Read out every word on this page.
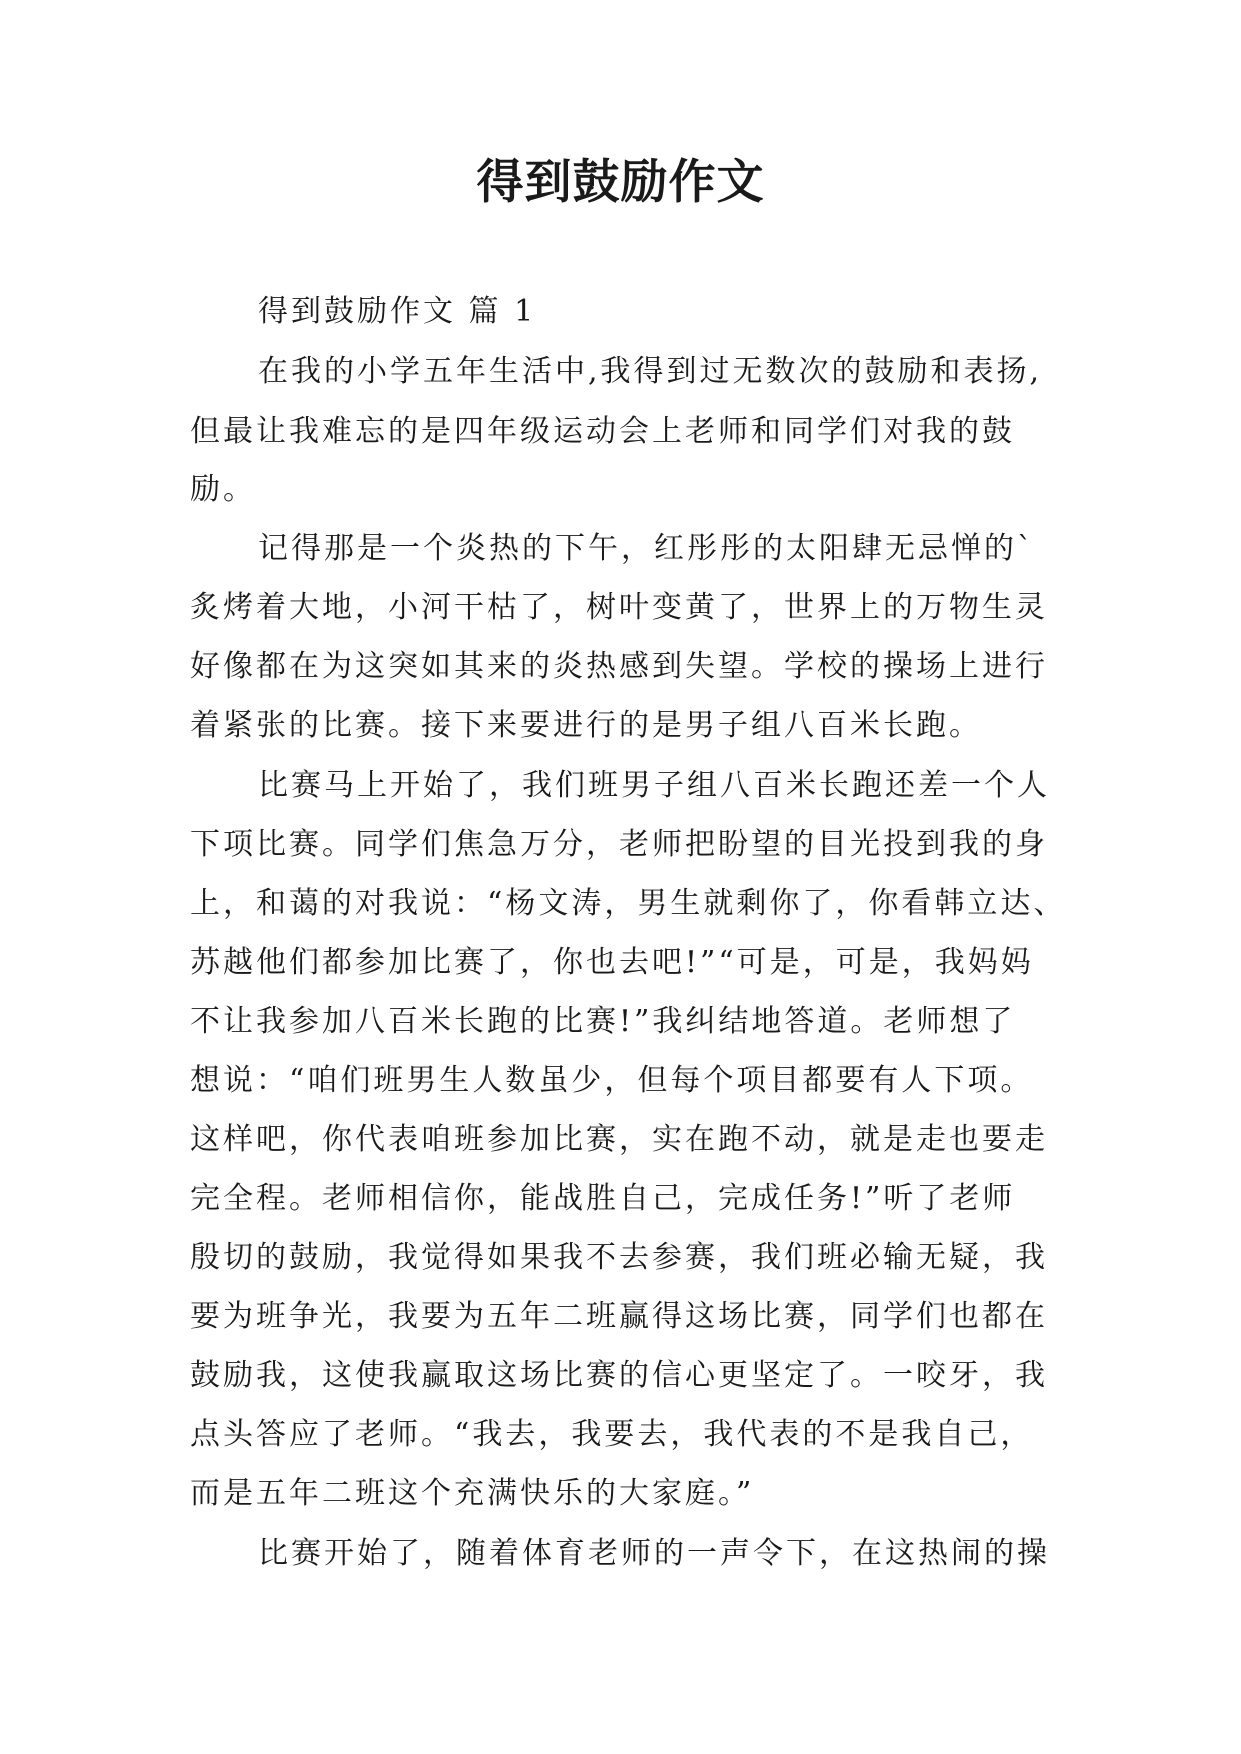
得到鼓励作文

得到鼓励作文 篇 1

在我的小学五年生活中,我得到过无数次的鼓励和表扬,

但最让我难忘的是四年级运动会上老师和同学们对我的鼓

励。

记得那是一个炎热的下午，红彤彤的太阳肆无忌惮的`

炙烤着大地，小河干枯了，树叶变黄了，世界上的万物生灵

好像都在为这突如其来的炎热感到失望。学校的操场上进行

着紧张的比赛。接下来要进行的是男子组八百米长跑。

比赛马上开始了，我们班男子组八百米长跑还差一个人

下项比赛。同学们焦急万分，老师把盼望的目光投到我的身

上，和蔼的对我说：“杨文涛，男生就剩你了，你看韩立达、

苏越他们都参加比赛了，你也去吧!”“可是，可是，我妈妈

不让我参加八百米长跑的比赛!”我纠结地答道。老师想了

想说：“咱们班男生人数虽少，但每个项目都要有人下项。

这样吧，你代表咱班参加比赛，实在跑不动，就是走也要走

完全程。老师相信你，能战胜自己，完成任务!”听了老师

殷切的鼓励，我觉得如果我不去参赛，我们班必输无疑，我

要为班争光，我要为五年二班赢得这场比赛，同学们也都在

鼓励我，这使我赢取这场比赛的信心更坚定了。一咬牙，我

点头答应了老师。“我去，我要去，我代表的不是我自己，

而是五年二班这个充满快乐的大家庭。”

比赛开始了，随着体育老师的一声令下，在这热闹的操
